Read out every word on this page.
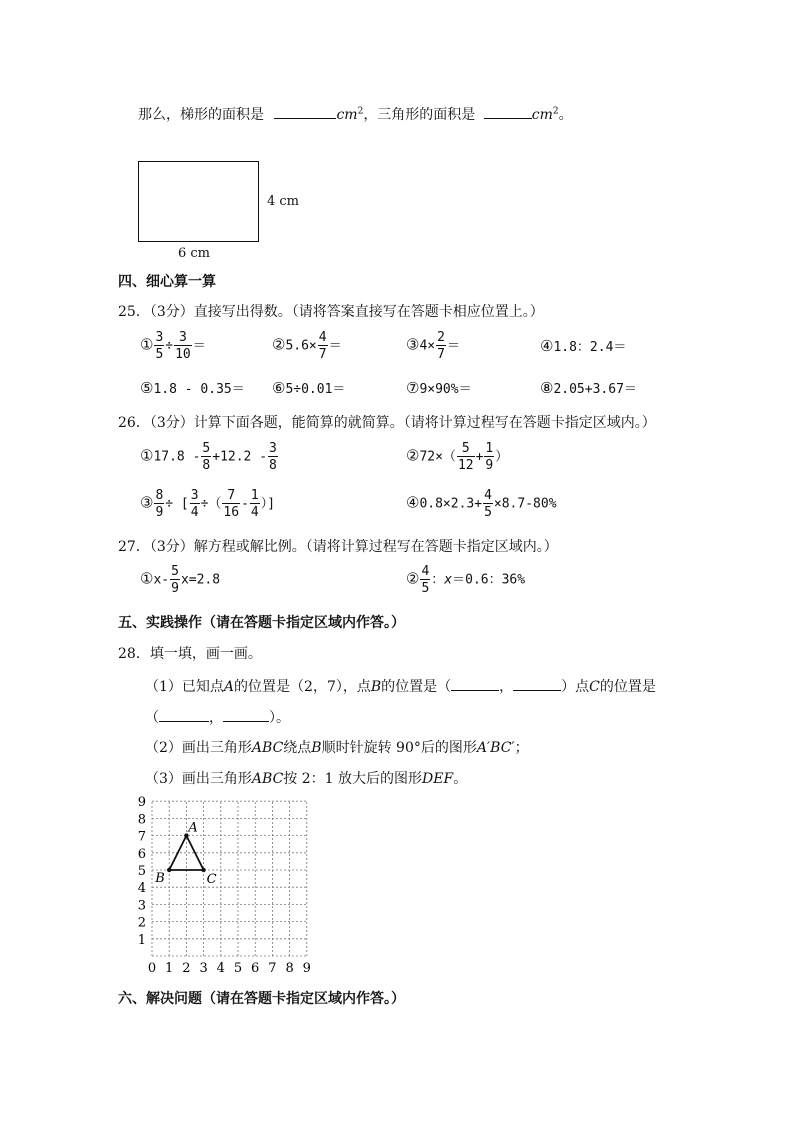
那么，梯形的面积是	$cm^2$，三角形的面积是	$cm^2$。
4 cm
6 cm
四、细心算一算
25．（3分）直接写出得数。（请将答案直接写在答题卡相应位置上。）
① $\frac{3}{5} \div \frac{3}{10}$ ＝	②5.6× $\frac{4}{7}$ ＝	③4× $\frac{2}{7}$ ＝	④1.8：2.4＝
⑤1.8 - 0.35＝ ⑥5÷0.01＝	⑦9×90%＝	⑧2.05+3.67＝
26．（3分）计算下面各题，能简算的就简算。（请将计算过程写在答题卡指定区域内。）
①17.8 - $\frac{5}{8} +12.2 - \frac{3}{8}$	②72×（ $\frac{5}{12} + \frac{1}{9}$ ）
③ $\frac{8}{9}$ ÷ [ $\frac{3}{4}$ ÷（ $\frac{7}{16} - \frac{1}{4}$ ）]	④0.8×2.3+ $\frac{4}{5} \times 8.7-80\%$
27．（3分）解方程或解比例。（请将计算过程写在答题卡指定区域内。）
①x- $\frac{5}{9} x=2.8$	② $\frac{4}{5}$ ：x＝0.6：36%
五、实践操作（请在答题卡指定区域内作答。）
28．填一填，画一画。
（1）已知点A的位置是（2，7），点B的位置是（	，	）点C的位置是
（	，	）。
（2）画出三角形ABC绕点B顺时针旋转 90°后的图形A′BC′；
（3）画出三角形ABC按 2：1 放大后的图形DEF。
0 1 2 3 4 5 6 7 8 9
1
2
3
4
5
6
7
8
9
A
B	C
六、解决问题（请在答题卡指定区域内作答。）
